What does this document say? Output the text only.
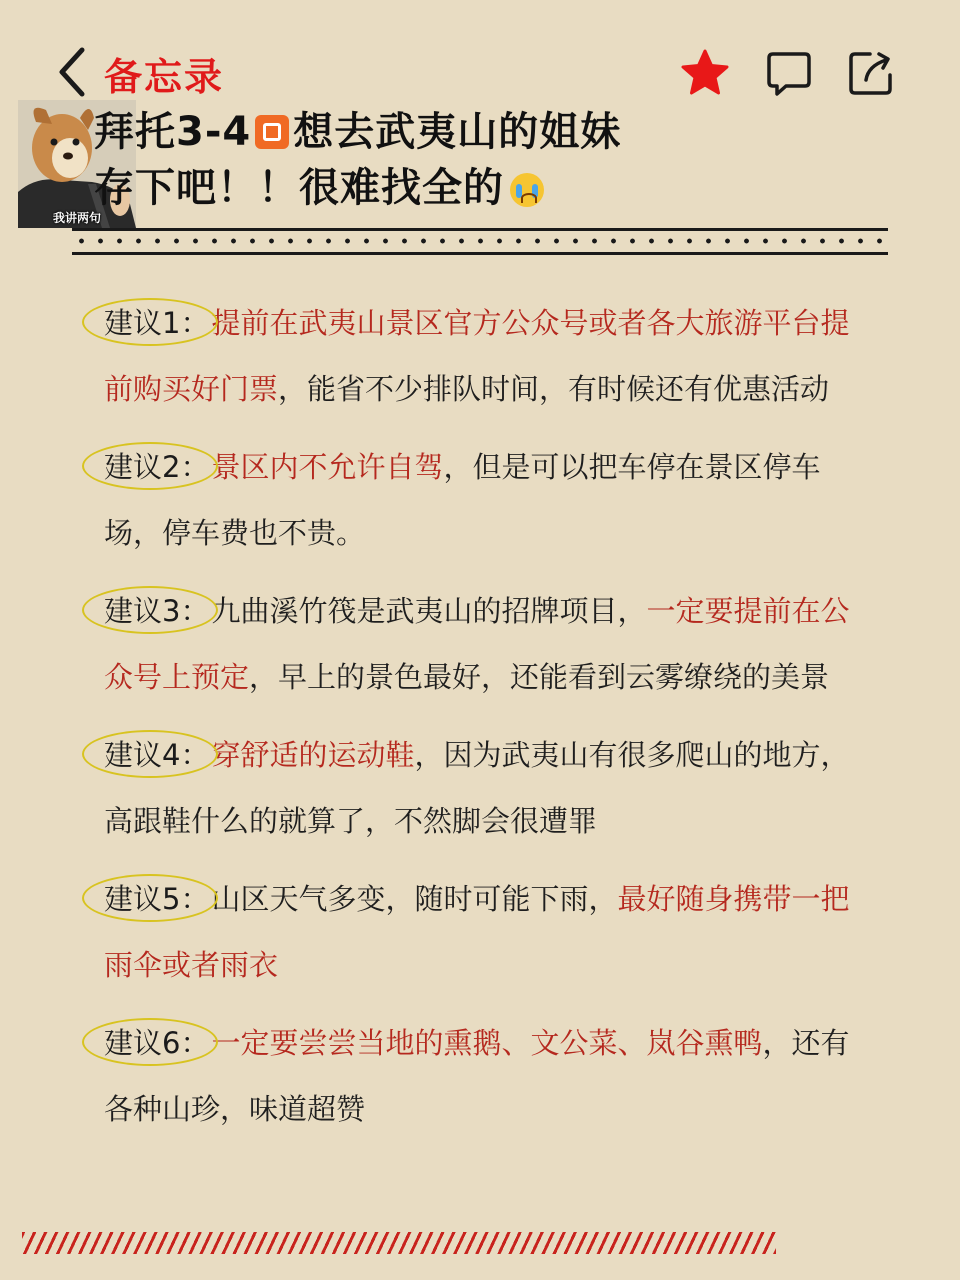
备忘录
我讲两句
拜托3-4 想去武夷山的姐妹
存下吧！！很难找全的
建议1：提前在武夷山景区官方公众号或者各大旅游平台提前购买好门票，能省不少排队时间，有时候还有优惠活动
建议2：景区内不允许自驾，但是可以把车停在景区停车场，停车费也不贵。
建议3：九曲溪竹筏是武夷山的招牌项目，一定要提前在公众号上预定，早上的景色最好，还能看到云雾缭绕的美景
建议4：穿舒适的运动鞋，因为武夷山有很多爬山的地方，高跟鞋什么的就算了，不然脚会很遭罪
建议5：山区天气多变，随时可能下雨，最好随身携带一把雨伞或者雨衣
建议6：一定要尝尝当地的熏鹅、文公菜、岚谷熏鸭，还有各种山珍，味道超赞
